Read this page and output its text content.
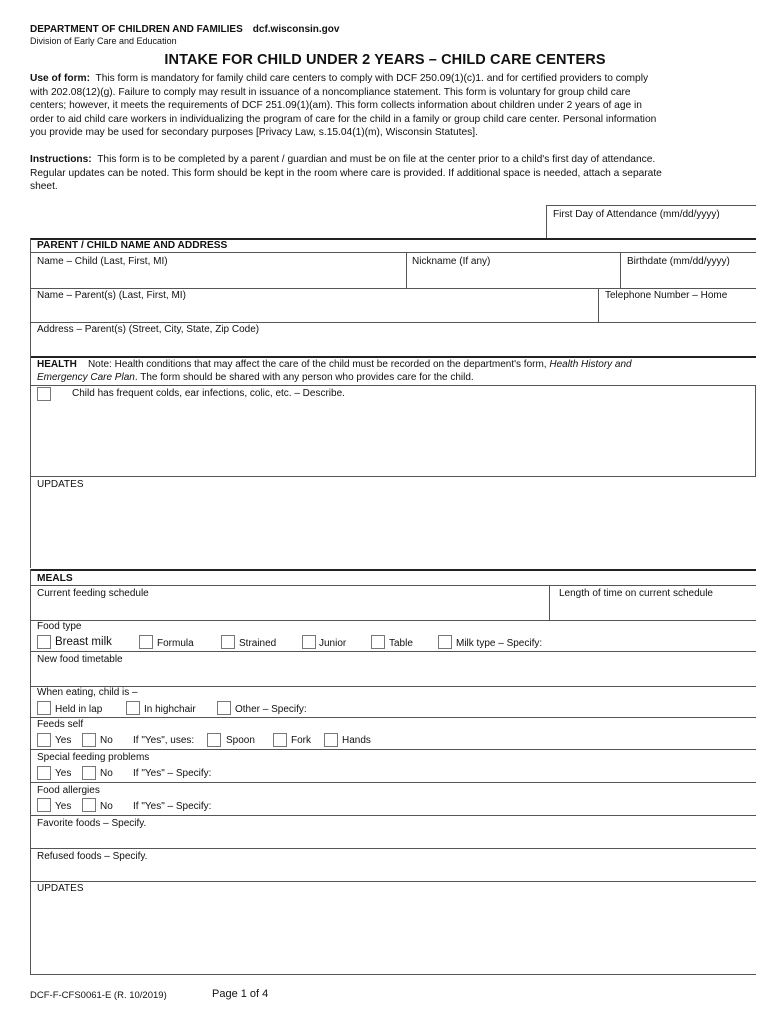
DEPARTMENT OF CHILDREN AND FAMILIES dcf.wisconsin.gov
Division of Early Care and Education
INTAKE FOR CHILD UNDER 2 YEARS – CHILD CARE CENTERS
Use of form: This form is mandatory for family child care centers to comply with DCF 250.09(1)(c)1. and for certified providers to comply
with 202.08(12)(g). Failure to comply may result in issuance of a noncompliance statement. This form is voluntary for group child care
centers; however, it meets the requirements of DCF 251.09(1)(am). This form collects information about children under 2 years of age in
order to aid child care workers in individualizing the program of care for the child in a family or group child care center. Personal information
you provide may be used for secondary purposes [Privacy Law, s.15.04(1)(m), Wisconsin Statutes].
Instructions: This form is to be completed by a parent / guardian and must be on file at the center prior to a child's first day of attendance.
Regular updates can be noted. This form should be kept in the room where care is provided. If additional space is needed, attach a separate
sheet.
First Day of Attendance (mm/dd/yyyy)
PARENT / CHILD NAME AND ADDRESS
Name – Child (Last, First, MI)	Nickname (If any)	Birthdate (mm/dd/yyyy)
Name – Parent(s) (Last, First, MI)	Telephone Number – Home
Address – Parent(s) (Street, City, State, Zip Code)
HEALTH Note: Health conditions that may affect the care of the child must be recorded on the department's form, Health History and
Emergency Care Plan. The form should be shared with any person who provides care for the child.
Child has frequent colds, ear infections, colic, etc. – Describe.
UPDATES
MEALS
Current feeding schedule	Length of time on current schedule
Food type
Breast milk	Formula	Strained	Junior	Table	Milk type – Specify:
New food timetable
When eating, child is –
Held in lap	In highchair	Other – Specify:
Feeds self
Yes	No If "Yes", uses:	Spoon	Fork	Hands
Special feeding problems
Yes	No If "Yes" – Specify:
Food allergies
Yes	No If "Yes" – Specify:
Favorite foods – Specify.
Refused foods – Specify.
UPDATES
DCF-F-CFS0061-E (R. 10/2019)	Page 1 of 4
